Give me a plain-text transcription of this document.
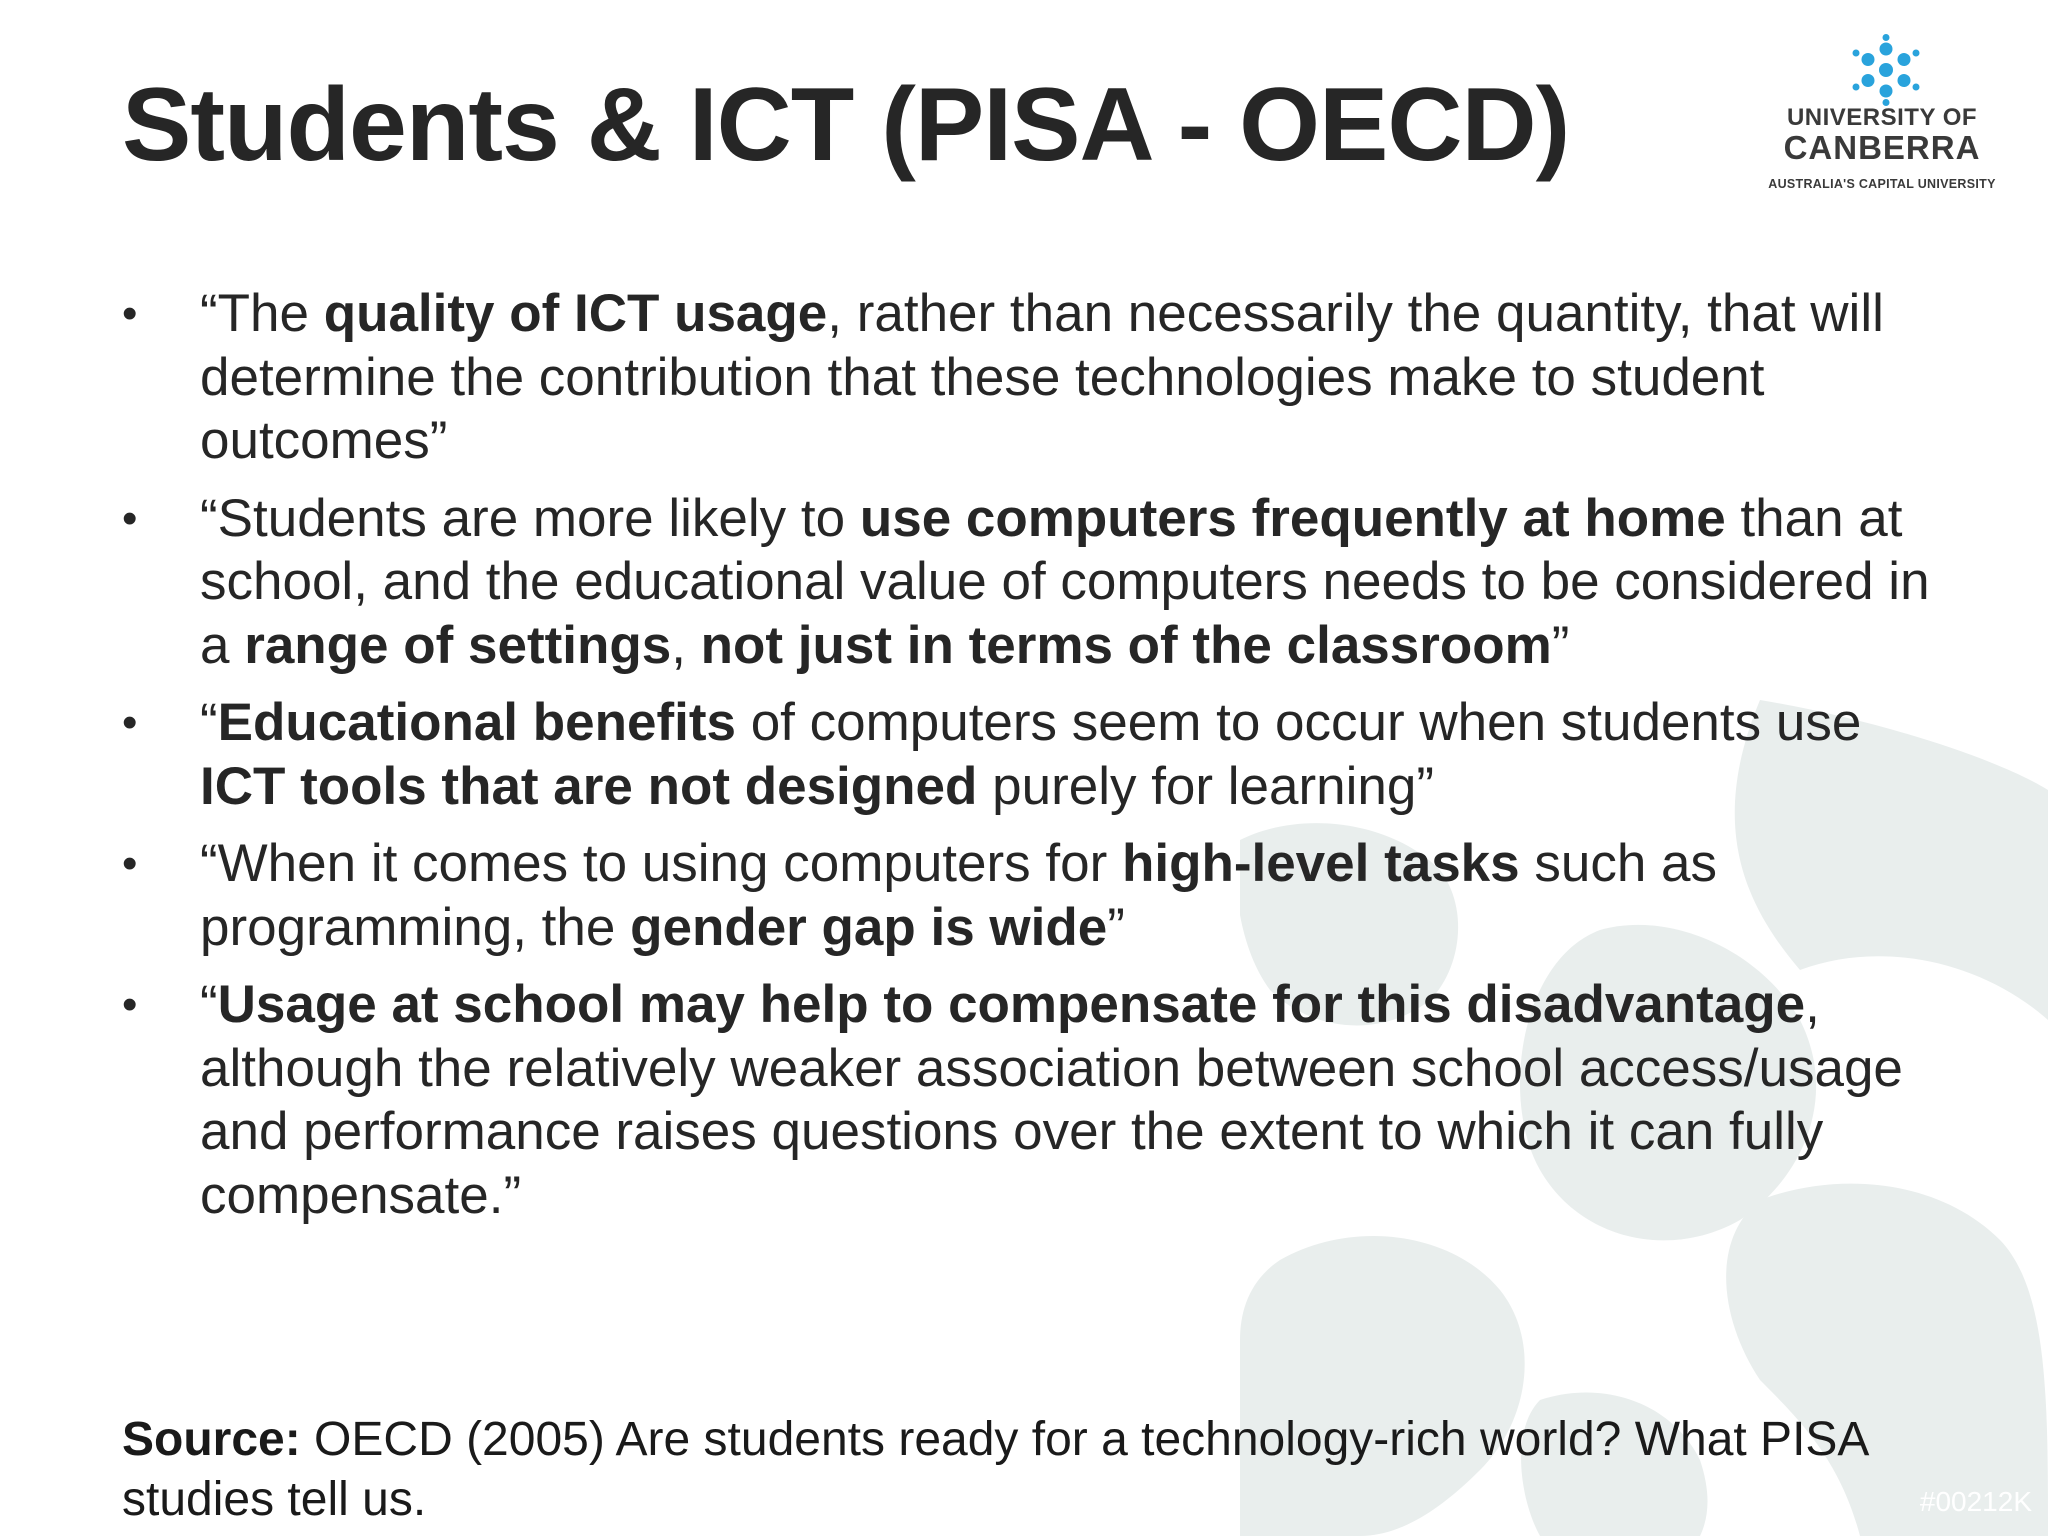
Students & ICT (PISA - OECD)	UNIVERSITY OF
CANBERRA
AUSTRALIA'S CAPITAL UNIVERSITY
•	“The quality of ICT usage, rather than necessarily the quantity, that will determine the contribution that these technologies make to student outcomes”
•	“Students are more likely to use computers frequently at home than at school, and the educational value of computers needs to be considered in a range of settings, not just in terms of the classroom”
•	“Educational benefits of computers seem to occur when students use ICT tools that are not designed purely for learning”
•	“When it comes to using computers for high-level tasks such as programming, the gender gap is wide”
•	“Usage at school may help to compensate for this disadvantage, although the relatively weaker association between school access/usage and performance raises questions over the extent to which it can fully compensate.”

Source: OECD (2005) Are students ready for a technology-rich world? What PISA studies tell us.	#00212K
